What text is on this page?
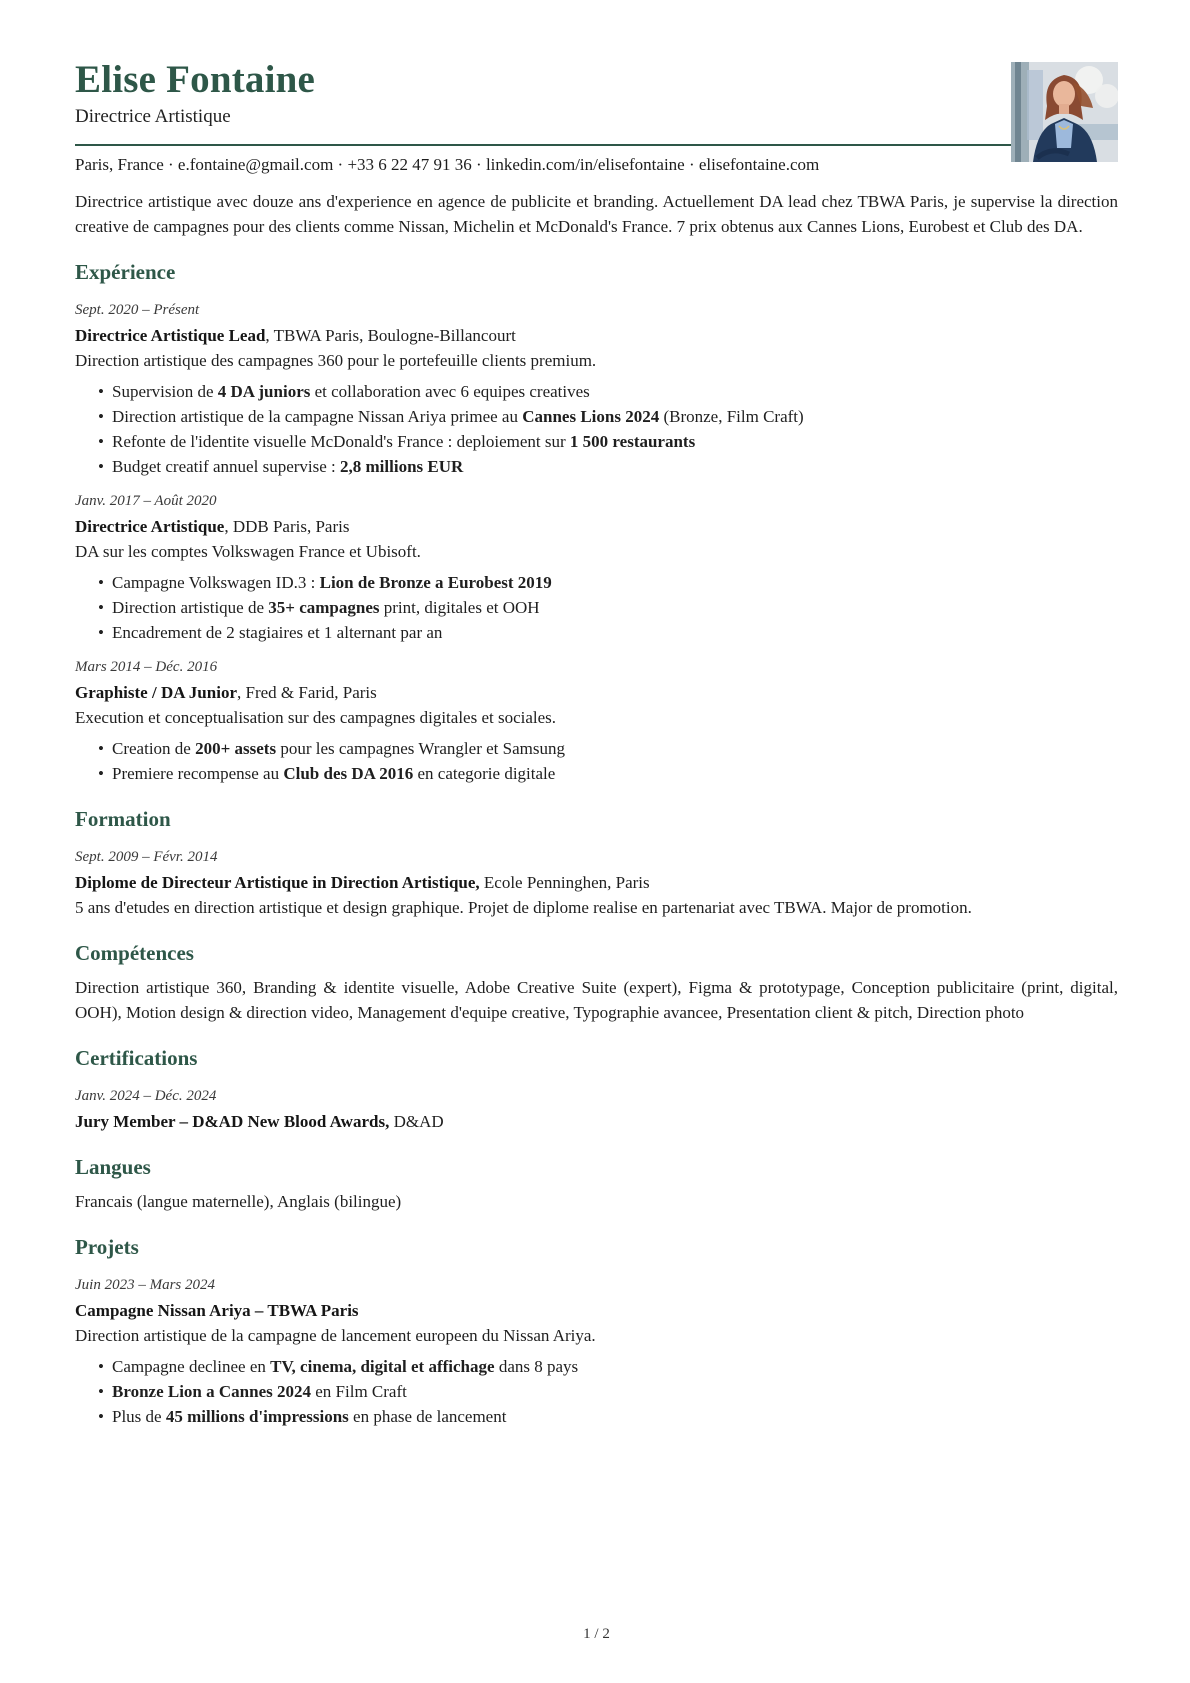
Elise Fontaine
Directrice Artistique
Paris, France · e.fontaine@gmail.com · +33 6 22 47 91 36 · linkedin.com/in/elisefontaine · elisefontaine.com

Directrice artistique avec douze ans d'experience en agence de publicite et branding. Actuellement DA lead chez TBWA Paris, je supervise la direction creative de campagnes pour des clients comme Nissan, Michelin et McDonald's France. 7 prix obtenus aux Cannes Lions, Eurobest et Club des DA.

Expérience
Sept. 2020 – Présent
Directrice Artistique Lead, TBWA Paris, Boulogne-Billancourt
Direction artistique des campagnes 360 pour le portefeuille clients premium.
• Supervision de 4 DA juniors et collaboration avec 6 equipes creatives
• Direction artistique de la campagne Nissan Ariya primee au Cannes Lions 2024 (Bronze, Film Craft)
• Refonte de l'identite visuelle McDonald's France : deploiement sur 1 500 restaurants
• Budget creatif annuel supervise : 2,8 millions EUR
Janv. 2017 – Août 2020
Directrice Artistique, DDB Paris, Paris
DA sur les comptes Volkswagen France et Ubisoft.
• Campagne Volkswagen ID.3 : Lion de Bronze a Eurobest 2019
• Direction artistique de 35+ campagnes print, digitales et OOH
• Encadrement de 2 stagiaires et 1 alternant par an
Mars 2014 – Déc. 2016
Graphiste / DA Junior, Fred & Farid, Paris
Execution et conceptualisation sur des campagnes digitales et sociales.
• Creation de 200+ assets pour les campagnes Wrangler et Samsung
• Premiere recompense au Club des DA 2016 en categorie digitale
Formation
Sept. 2009 – Févr. 2014
Diplome de Directeur Artistique in Direction Artistique, Ecole Penninghen, Paris
5 ans d'etudes en direction artistique et design graphique. Projet de diplome realise en partenariat avec TBWA. Major de promotion.
Compétences

Direction artistique 360, Branding & identite visuelle, Adobe Creative Suite (expert), Figma & prototypage, Conception publicitaire (print, digital, OOH), Motion design & direction video, Management d'equipe creative, Typographie avancee, Presentation client & pitch, Direction photo

Certifications
Janv. 2024 – Déc. 2024
Jury Member – D&AD New Blood Awards, D&AD
Langues

Francais (langue maternelle), Anglais (bilingue)

Projets
Juin 2023 – Mars 2024
Campagne Nissan Ariya – TBWA Paris
Direction artistique de la campagne de lancement europeen du Nissan Ariya.
• Campagne declinee en TV, cinema, digital et affichage dans 8 pays
• Bronze Lion a Cannes 2024 en Film Craft
• Plus de 45 millions d'impressions en phase de lancement
1 / 2
